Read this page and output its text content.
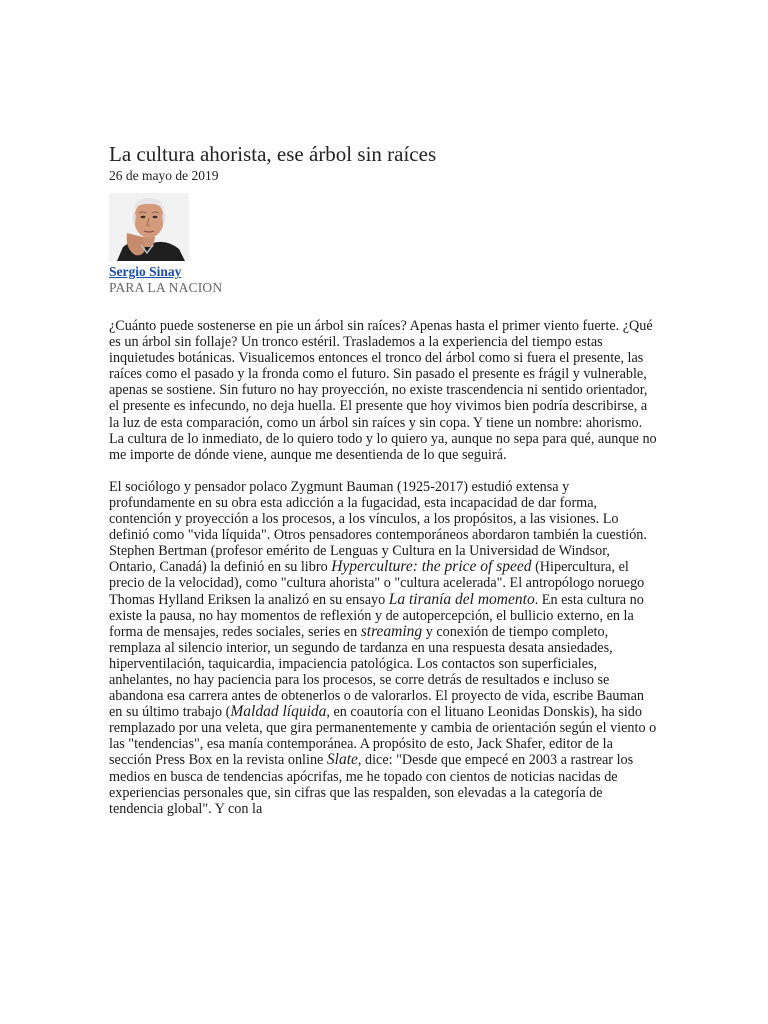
La cultura ahorista, ese árbol sin raíces
26 de mayo de 2019
Sergio Sinay
PARA LA NACION

¿Cuánto puede sostenerse en pie un árbol sin raíces? Apenas hasta el primer viento fuerte. ¿Qué es un árbol sin follaje? Un tronco estéril. Traslademos a la experiencia del tiempo estas inquietudes botánicas. Visualicemos entonces el tronco del árbol como si fuera el presente, las raíces como el pasado y la fronda como el futuro. Sin pasado el presente es frágil y vulnerable, apenas se sostiene. Sin futuro no hay proyección, no existe trascendencia ni sentido orientador, el presente es infecundo, no deja huella. El presente que hoy vivimos bien podría describirse, a la luz de esta comparación, como un árbol sin raíces y sin copa. Y tiene un nombre: ahorismo. La cultura de lo inmediato, de lo quiero todo y lo quiero ya, aunque no sepa para qué, aunque no me importe de dónde viene, aunque me desentienda de lo que seguirá.

El sociólogo y pensador polaco Zygmunt Bauman (1925-2017) estudió extensa y profundamente en su obra esta adicción a la fugacidad, esta incapacidad de dar forma, contención y proyección a los procesos, a los vínculos, a los propósitos, a las visiones. Lo definió como "vida líquida". Otros pensadores contemporáneos abordaron también la cuestión. Stephen Bertman (profesor emérito de Lenguas y Cultura en la Universidad de Windsor, Ontario, Canadá) la definió en su libro Hyperculture: the price of speed (Hipercultura, el precio de la velocidad), como "cultura ahorista" o "cultura acelerada". El antropólogo noruego Thomas Hylland Eriksen la analizó en su ensayo La tiranía del momento. En esta cultura no existe la pausa, no hay momentos de reflexión y de autopercepción, el bullicio externo, en la forma de mensajes, redes sociales, series en streaming y conexión de tiempo completo, remplaza al silencio interior, un segundo de tardanza en una respuesta desata ansiedades, hiperventilación, taquicardia, impaciencia patológica. Los contactos son superficiales, anhelantes, no hay paciencia para los procesos, se corre detrás de resultados e incluso se abandona esa carrera antes de obtenerlos o de valorarlos. El proyecto de vida, escribe Bauman en su último trabajo (Maldad líquida, en coautoría con el lituano Leonidas Donskis), ha sido remplazado por una veleta, que gira permanentemente y cambia de orientación según el viento o las "tendencias", esa manía contemporánea. A propósito de esto, Jack Shafer, editor de la sección Press Box en la revista online Slate, dice: "Desde que empecé en 2003 a rastrear los medios en busca de tendencias apócrifas, me he topado con cientos de noticias nacidas de experiencias personales que, sin cifras que las respalden, son elevadas a la categoría de tendencia global". Y con la
